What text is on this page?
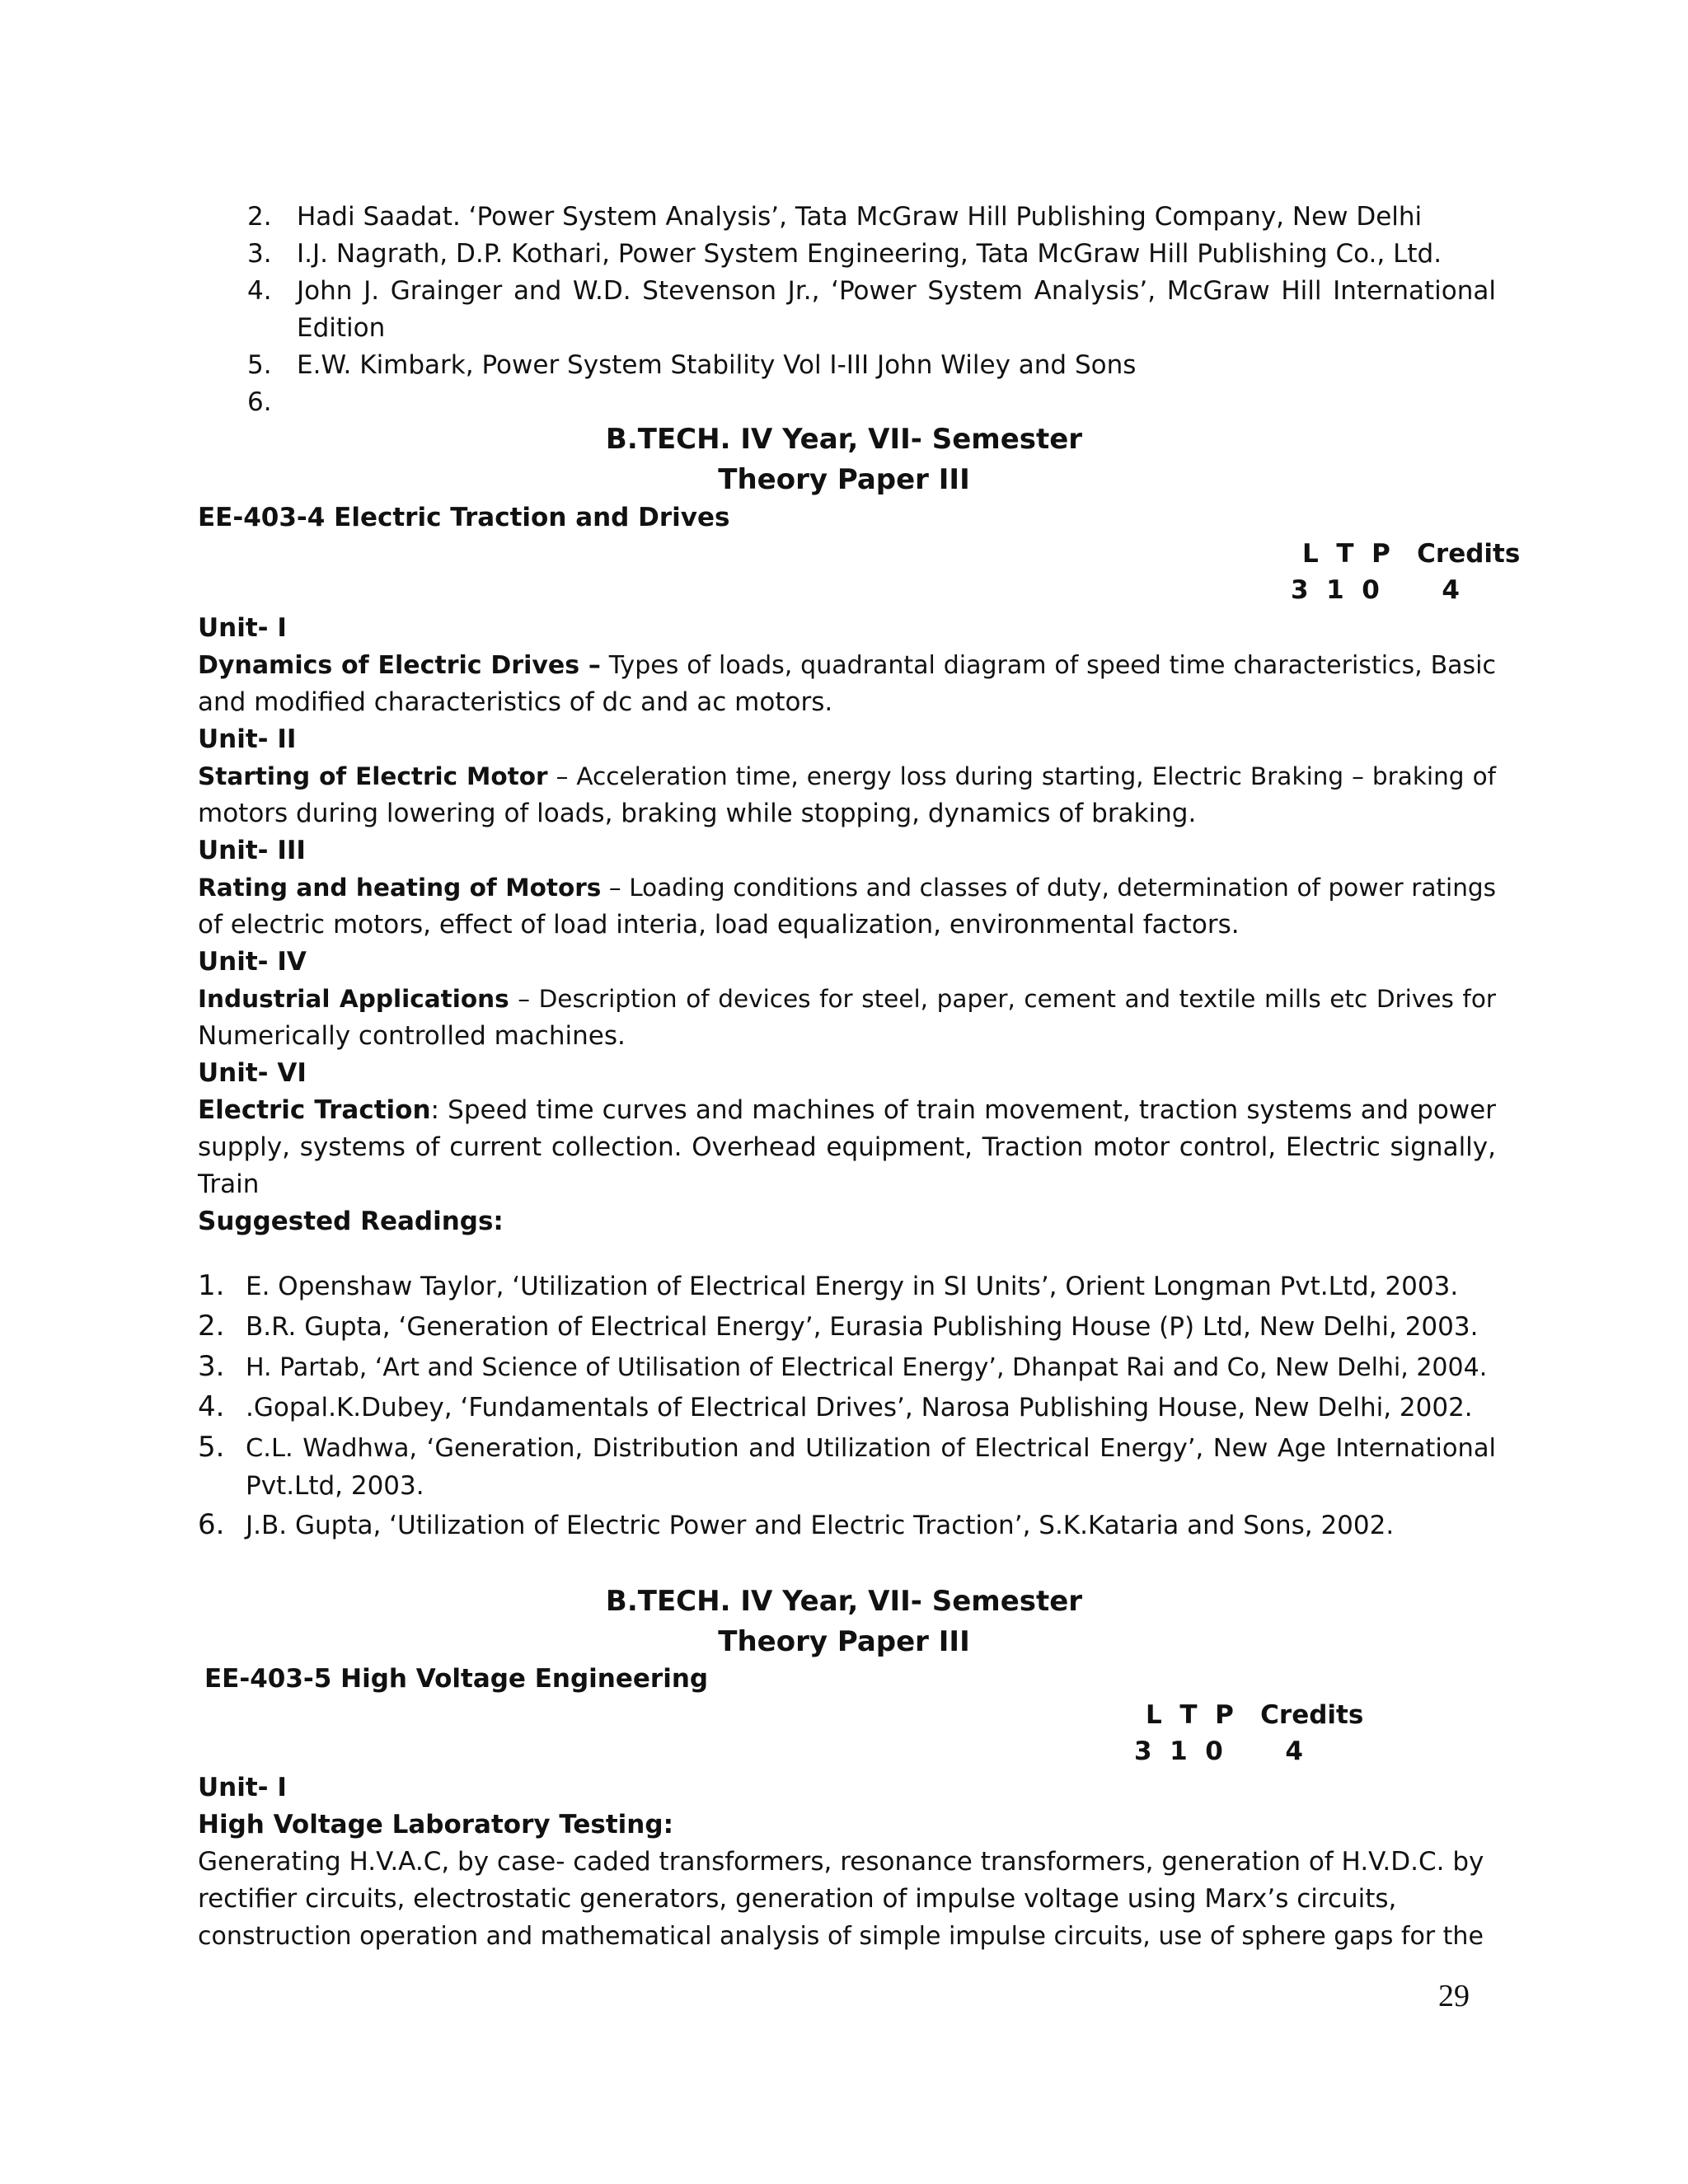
2. Hadi Saadat. ‘Power System Analysis’, Tata McGraw Hill Publishing Company, New Delhi
3. I.J. Nagrath, D.P. Kothari, Power System Engineering, Tata McGraw Hill Publishing Co., Ltd.
4. John J. Grainger and W.D. Stevenson Jr., ‘Power System Analysis’, McGraw Hill International
Edition
5. E.W. Kimbark, Power System Stability Vol I-III John Wiley and Sons
6.
B.TECH. IV Year, VII- Semester
Theory Paper III
EE-403-4 Electric Traction and Drives
L  T  P   Credits
3  1  0       4
Unit- I
Dynamics of Electric Drives – Types of loads, quadrantal diagram of speed time characteristics, Basic
and modified characteristics of dc and ac motors.
Unit- II
Starting of Electric Motor – Acceleration time, energy loss during starting, Electric Braking – braking of
motors during lowering of loads, braking while stopping, dynamics of braking.
Unit- III
Rating and heating of Motors – Loading conditions and classes of duty, determination of power ratings
of electric motors, effect of load interia, load equalization, environmental factors.
Unit- IV
Industrial Applications – Description of devices for steel, paper, cement and textile mills etc Drives for
Numerically controlled machines.
Unit- VI
Electric Traction: Speed time curves and machines of train movement, traction systems and power
supply, systems of current collection. Overhead equipment, Traction motor control, Electric signally,
Train
Suggested Readings:
1. E. Openshaw Taylor, ‘Utilization of Electrical Energy in SI Units’, Orient Longman Pvt.Ltd, 2003.
2. B.R. Gupta, ‘Generation of Electrical Energy’, Eurasia Publishing House (P) Ltd, New Delhi, 2003.
3. H. Partab, ‘Art and Science of Utilisation of Electrical Energy’, Dhanpat Rai and Co, New Delhi, 2004.
4. .Gopal.K.Dubey, ‘Fundamentals of Electrical Drives’, Narosa Publishing House, New Delhi, 2002.
5. C.L. Wadhwa, ‘Generation, Distribution and Utilization of Electrical Energy’, New Age International
Pvt.Ltd, 2003.
6. J.B. Gupta, ‘Utilization of Electric Power and Electric Traction’, S.K.Kataria and Sons, 2002.
B.TECH. IV Year, VII- Semester
Theory Paper III
EE-403-5 High Voltage Engineering
L  T  P   Credits
3  1  0       4
Unit- I
High Voltage Laboratory Testing:
Generating H.V.A.C, by case- caded transformers, resonance transformers, generation of H.V.D.C. by
rectifier circuits, electrostatic generators, generation of impulse voltage using Marx’s circuits,
construction operation and mathematical analysis of simple impulse circuits, use of sphere gaps for the
29
